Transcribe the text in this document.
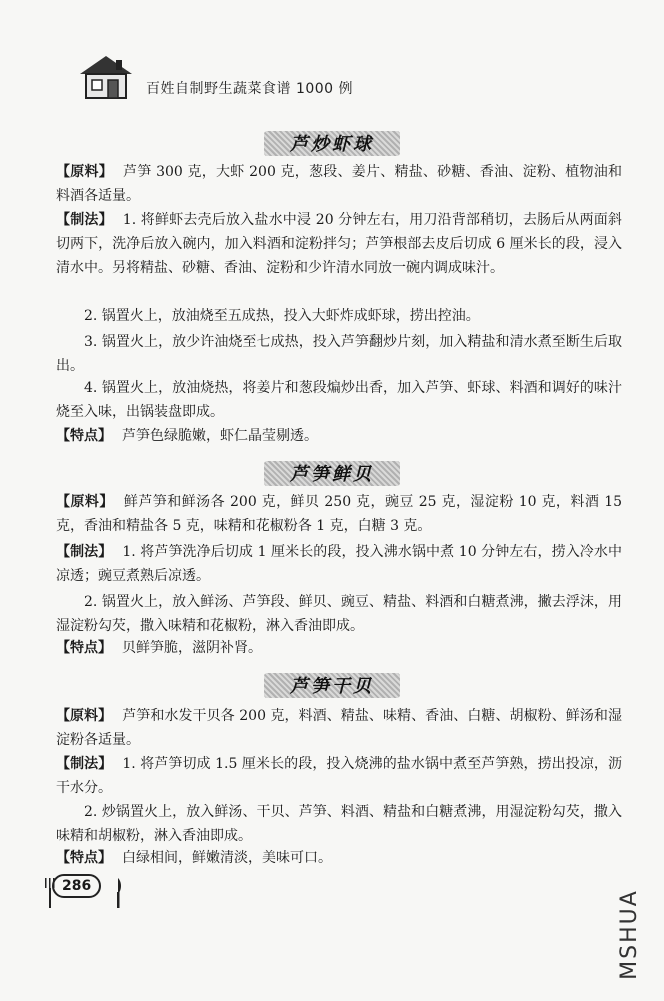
百姓自制野生蔬菜食谱 1000 例
芦炒虾球
【原料】 芦笋 300 克，大虾 200 克，葱段、姜片、精盐、砂糖、香油、淀粉、植物油和料酒各适量。
【制法】 1. 将鲜虾去壳后放入盐水中浸 20 分钟左右，用刀沿背部稍切，去肠后从两面斜切两下，洗净后放入碗内，加入料酒和淀粉拌匀；芦笋根部去皮后切成 6 厘米长的段，浸入清水中。另将精盐、砂糖、香油、淀粉和少许清水同放一碗内调成味汁。
2. 锅置火上，放油烧至五成热，投入大虾炸成虾球，捞出控油。
3. 锅置火上，放少许油烧至七成热，投入芦笋翻炒片刻，加入精盐和清水煮至断生后取出。
4. 锅置火上，放油烧热，将姜片和葱段煸炒出香，加入芦笋、虾球、料酒和调好的味汁烧至入味，出锅装盘即成。
【特点】 芦笋色绿脆嫩，虾仁晶莹剔透。
芦笋鲜贝
【原料】 鲜芦笋和鲜汤各 200 克，鲜贝 250 克，豌豆 25 克，湿淀粉 10 克，料酒 15 克，香油和精盐各 5 克，味精和花椒粉各 1 克，白糖 3 克。
【制法】 1. 将芦笋洗净后切成 1 厘米长的段，投入沸水锅中煮 10 分钟左右，捞入冷水中凉透；豌豆煮熟后凉透。
2. 锅置火上，放入鲜汤、芦笋段、鲜贝、豌豆、精盐、料酒和白糖煮沸，撇去浮沫，用湿淀粉勾芡，撒入味精和花椒粉，淋入香油即成。
【特点】 贝鲜笋脆，滋阴补肾。
芦笋干贝
【原料】 芦笋和水发干贝各 200 克，料酒、精盐、味精、香油、白糖、胡椒粉、鲜汤和湿淀粉各适量。
【制法】 1. 将芦笋切成 1.5 厘米长的段，投入烧沸的盐水锅中煮至芦笋熟，捞出投凉，沥干水分。
2. 炒锅置火上，放入鲜汤、干贝、芦笋、料酒、精盐和白糖煮沸，用湿淀粉勾芡，撒入味精和胡椒粉，淋入香油即成。
【特点】 白绿相间，鲜嫩清淡，美味可口。
286
MSHUA
